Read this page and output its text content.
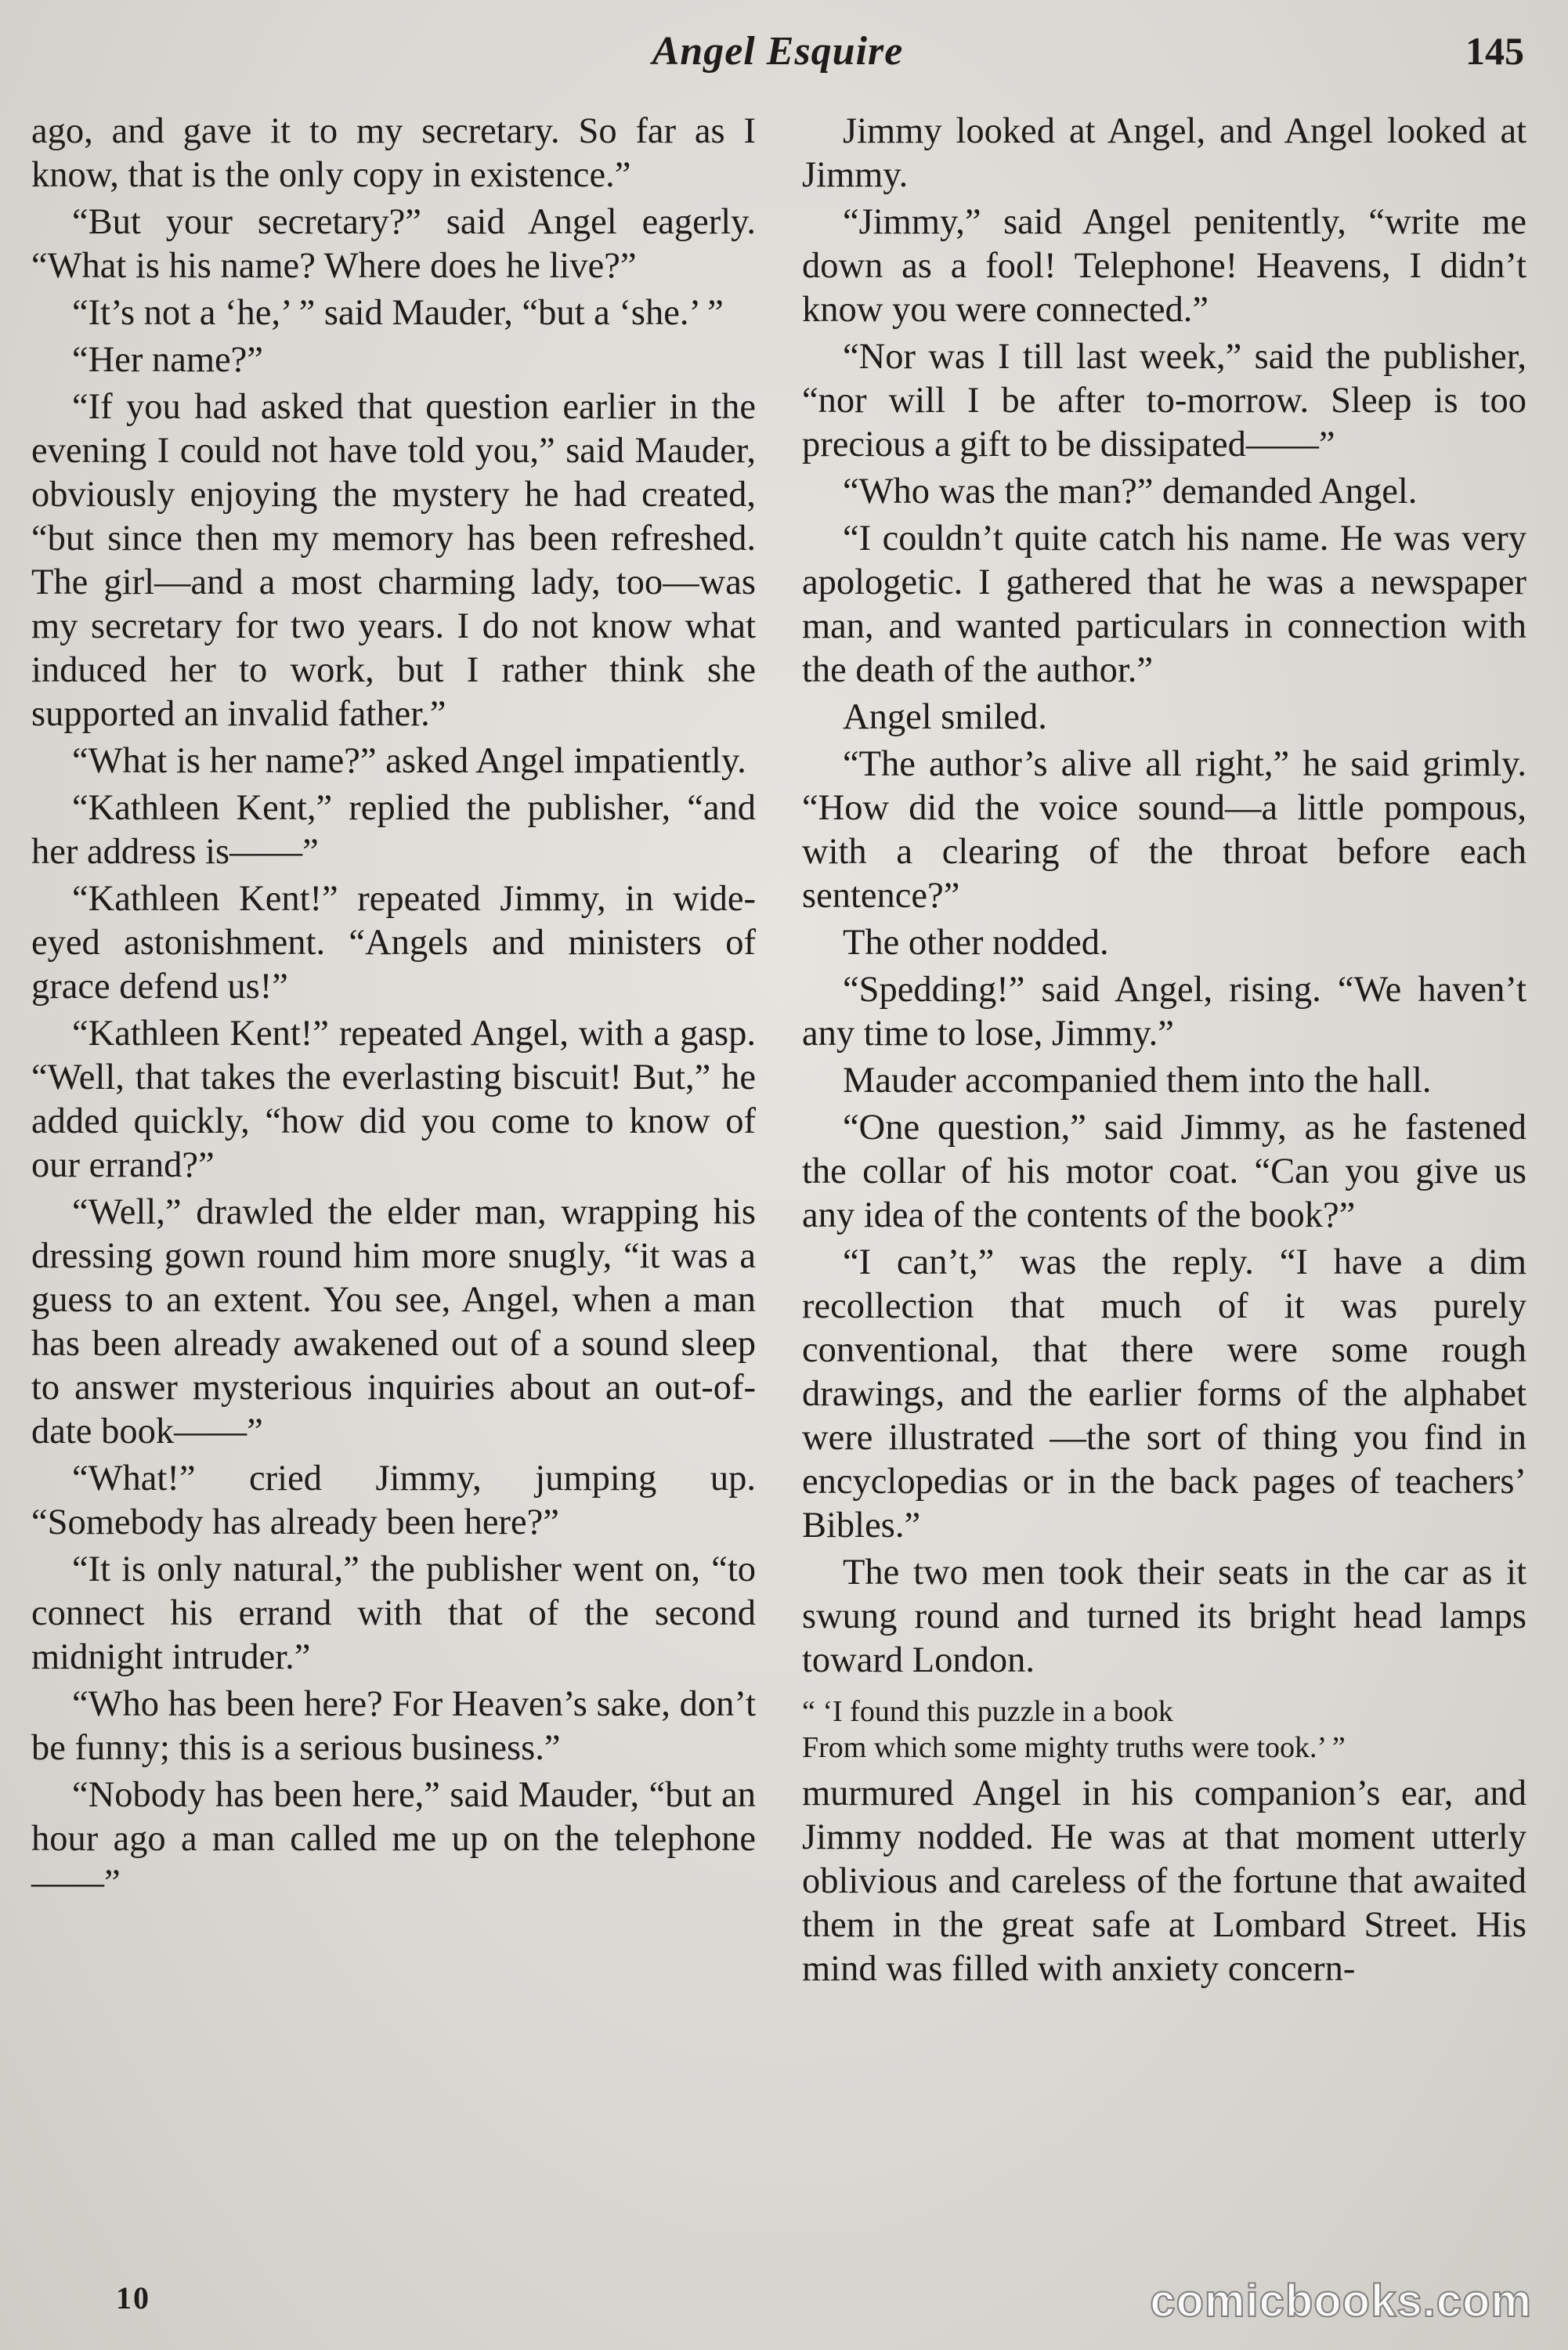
Angel Esquire	145

ago, and gave it to my secretary. So far as I know, that is the only copy in existence.”

“But your secretary?” said Angel eagerly. “What is his name? Where does he live?”

“It’s not a ‘he,’ ” said Mauder, “but a ‘she.’ ”

“Her name?”

“If you had asked that question earlier in the evening I could not have told you,” said Mauder, obviously enjoying the mystery he had created, “but since then my memory has been refreshed. The girl—and a most charming lady, too—was my secretary for two years. I do not know what induced her to work, but I rather think she supported an invalid father.”

“What is her name?” asked Angel impatiently.

“Kathleen Kent,” replied the publisher, “and her address is——”

“Kathleen Kent!” repeated Jimmy, in wide-eyed astonishment. “Angels and ministers of grace defend us!”

“Kathleen Kent!” repeated Angel, with a gasp. “Well, that takes the everlasting biscuit! But,” he added quickly, “how did you come to know of our errand?”

“Well,” drawled the elder man, wrapping his dressing gown round him more snugly, “it was a guess to an extent. You see, Angel, when a man has been already awakened out of a sound sleep to answer mysterious inquiries about an out-of-date book——”

“What!” cried Jimmy, jumping up. “Somebody has already been here?”

“It is only natural,” the publisher went on, “to connect his errand with that of the second midnight intruder.”

“Who has been here? For Heaven’s sake, don’t be funny; this is a serious business.”

“Nobody has been here,” said Mauder, “but an hour ago a man called me up on the telephone——”

Jimmy looked at Angel, and Angel looked at Jimmy.

“Jimmy,” said Angel penitently, “write me down as a fool! Telephone! Heavens, I didn’t know you were connected.”

“Nor was I till last week,” said the publisher, “nor will I be after to-morrow. Sleep is too precious a gift to be dissipated——”

“Who was the man?” demanded Angel.

“I couldn’t quite catch his name. He was very apologetic. I gathered that he was a newspaper man, and wanted particulars in connection with the death of the author.”

Angel smiled.

“The author’s alive all right,” he said grimly. “How did the voice sound—a little pompous, with a clearing of the throat before each sentence?”

The other nodded.

“Spedding!” said Angel, rising. “We haven’t any time to lose, Jimmy.”

Mauder accompanied them into the hall.

“One question,” said Jimmy, as he fastened the collar of his motor coat. “Can you give us any idea of the contents of the book?”

“I can’t,” was the reply. “I have a dim recollection that much of it was purely conventional, that there were some rough drawings, and the earlier forms of the alphabet were illustrated —the sort of thing you find in encyclopedias or in the back pages of teachers’ Bibles.”

The two men took their seats in the car as it swung round and turned its bright head lamps toward London.

“ ‘I found this puzzle in a book
From which some mighty truths were took.’ ”

murmured Angel in his companion’s ear, and Jimmy nodded. He was at that moment utterly oblivious and careless of the fortune that awaited them in the great safe at Lombard Street. His mind was filled with anxiety concern-

10	comicbooks.com
